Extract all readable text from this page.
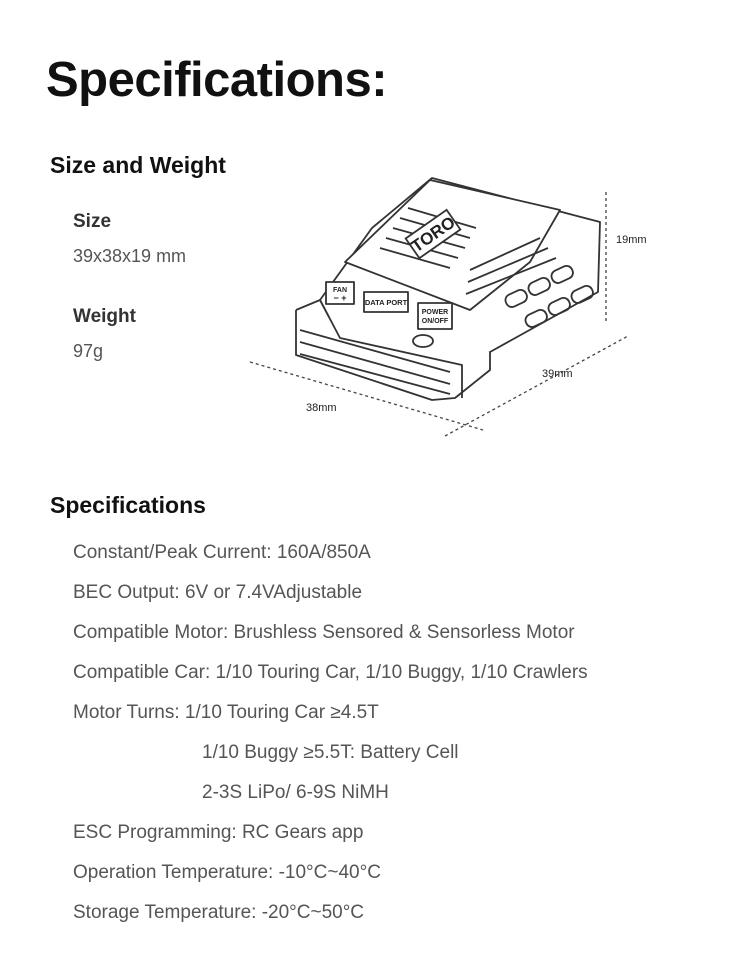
Specifications:
Size and Weight
Size
39x38x19 mm
Weight
97g
TORO
FAN
− + DATA PORT
POWER
ON/OFF
19mm
39mm
38mm
Specifications
Constant/Peak Current: 160A/850A
BEC Output: 6V or 7.4VAdjustable
Compatible Motor: Brushless Sensored & Sensorless Motor
Compatible Car: 1/10 Touring Car, 1/10 Buggy, 1/10 Crawlers
Motor Turns: 1/10 Touring Car ≥4.5T
1/10 Buggy ≥5.5T: Battery Cell
2-3S LiPo/ 6-9S NiMH
ESC Programming: RC Gears app
Operation Temperature: -10°C~40°C
Storage Temperature: -20°C~50°C
